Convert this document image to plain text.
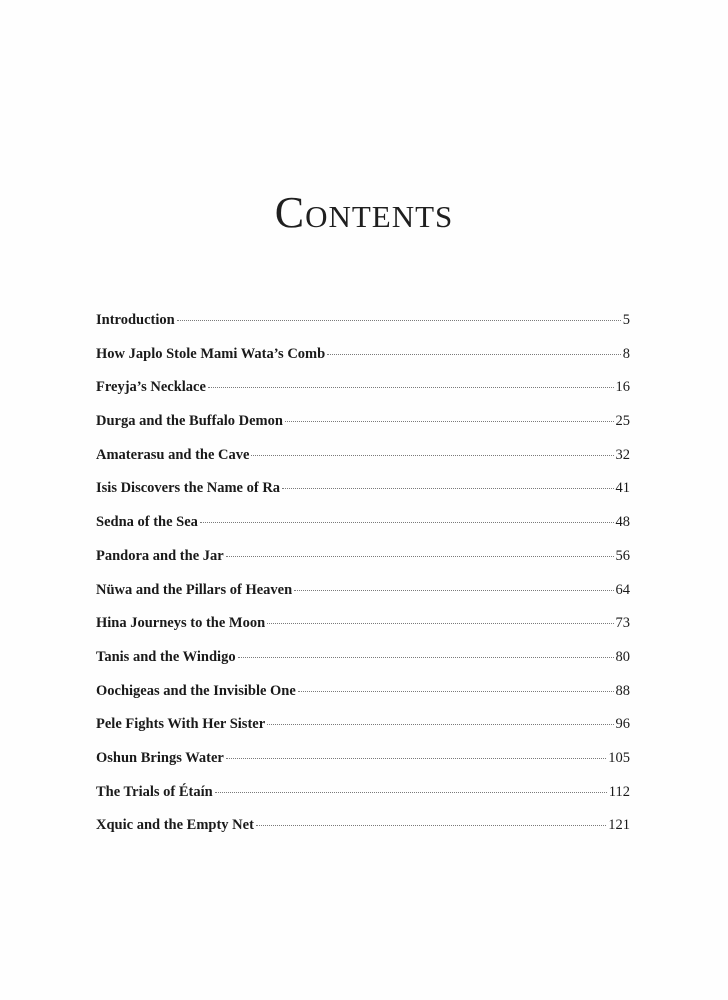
Contents
Introduction	5
How Japlo Stole Mami Wata’s Comb	8
Freyja’s Necklace	16
Durga and the Buffalo Demon	25
Amaterasu and the Cave	32
Isis Discovers the Name of Ra	41
Sedna of the Sea	48
Pandora and the Jar	56
Nüwa and the Pillars of Heaven	64
Hina Journeys to the Moon	73
Tanis and the Windigo	80
Oochigeas and the Invisible One	88
Pele Fights With Her Sister	96
Oshun Brings Water	105
The Trials of Étaín	112
Xquic and the Empty Net	121
